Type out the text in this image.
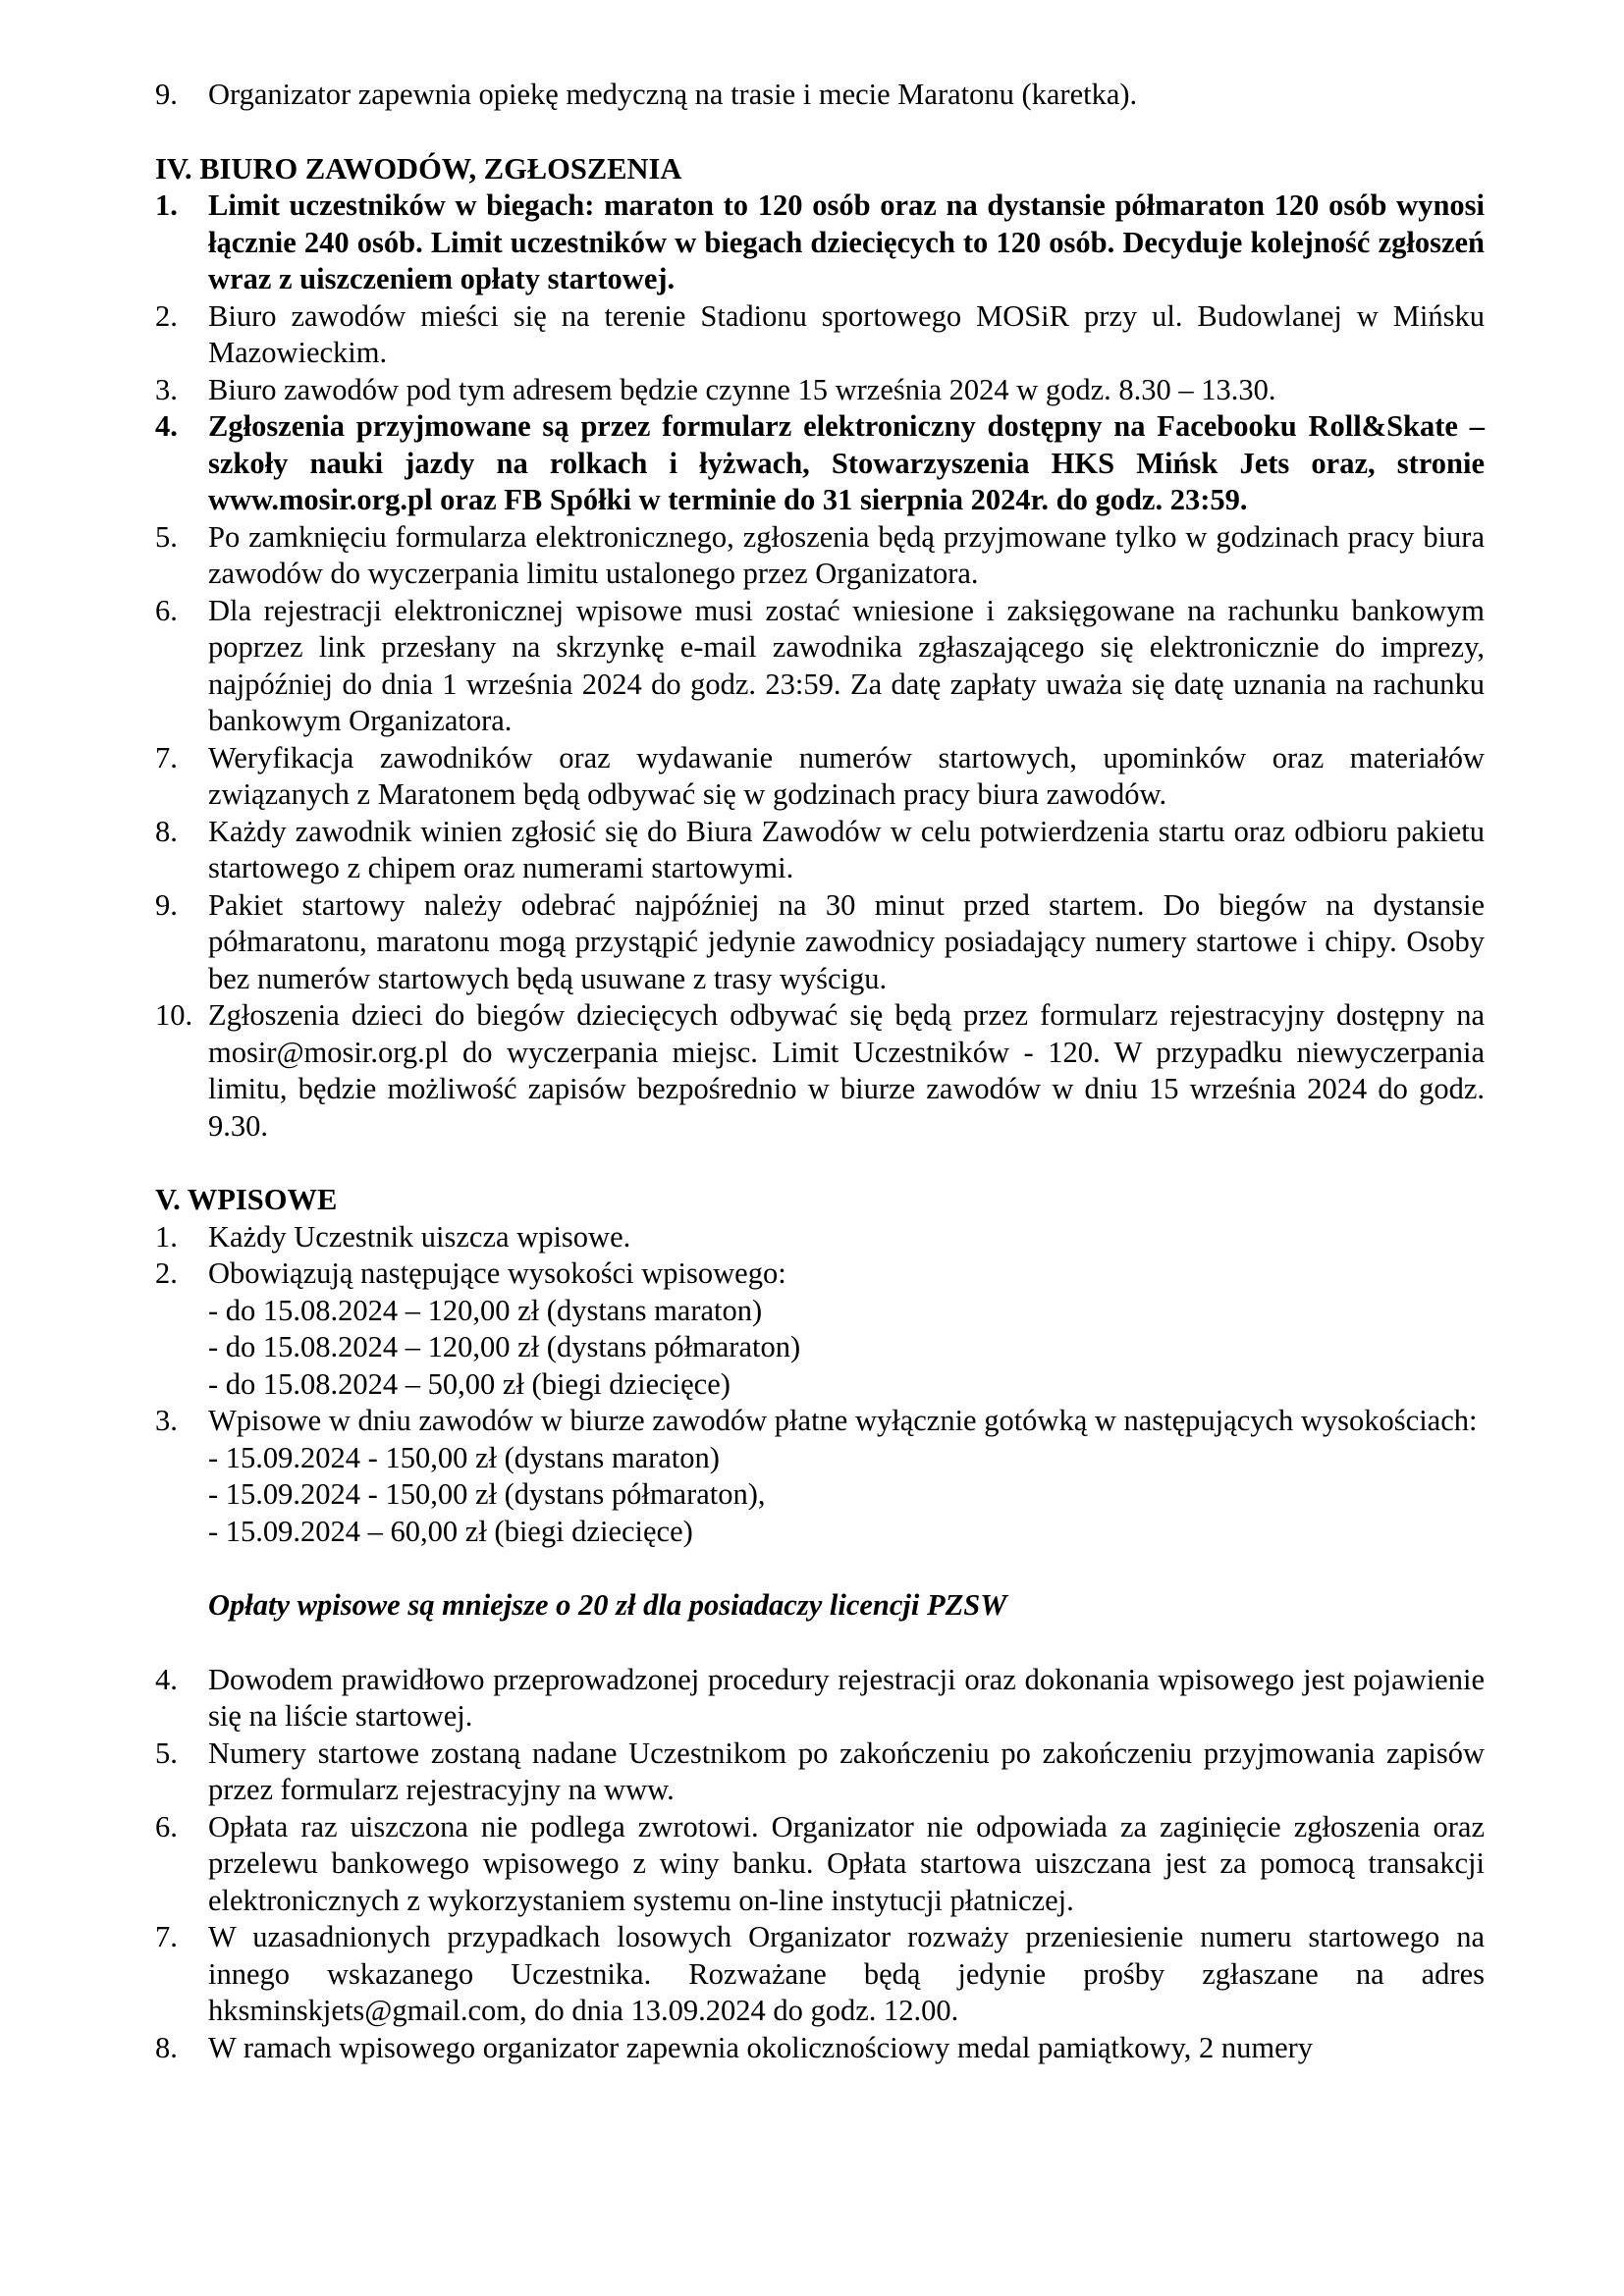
9.	Organizator zapewnia opiekę medyczną na trasie i mecie Maratonu (karetka).
IV. BIURO ZAWODÓW, ZGŁOSZENIA
1.	Limit uczestników w biegach: maraton to 120 osób oraz na dystansie półmaraton 120 osób wynosi łącznie 240 osób. Limit uczestników w biegach dziecięcych to 120 osób. Decyduje kolejność zgłoszeń wraz z uiszczeniem opłaty startowej.
2.	Biuro zawodów mieści się na terenie Stadionu sportowego MOSiR przy ul. Budowlanej w Mińsku Mazowieckim.
3.	Biuro zawodów pod tym adresem będzie czynne 15 września 2024 w godz. 8.30 – 13.30.
4.	Zgłoszenia przyjmowane są przez formularz elektroniczny dostępny na Facebooku Roll&Skate – szkoły nauki jazdy na rolkach i łyżwach, Stowarzyszenia HKS Mińsk Jets oraz, stronie www.mosir.org.pl oraz FB Spółki w terminie do 31 sierpnia 2024r. do godz. 23:59.
5.	Po zamknięciu formularza elektronicznego, zgłoszenia będą przyjmowane tylko w godzinach pracy biura zawodów do wyczerpania limitu ustalonego przez Organizatora.
6.	Dla rejestracji elektronicznej wpisowe musi zostać wniesione i zaksięgowane na rachunku bankowym poprzez link przesłany na skrzynkę e-mail zawodnika zgłaszającego się elektronicznie do imprezy, najpóźniej do dnia 1 września 2024 do godz. 23:59. Za datę zapłaty uważa się datę uznania na rachunku bankowym Organizatora.
7.	Weryfikacja zawodników oraz wydawanie numerów startowych, upominków oraz materiałów związanych z Maratonem będą odbywać się w godzinach pracy biura zawodów.
8.	Każdy zawodnik winien zgłosić się do Biura Zawodów w celu potwierdzenia startu oraz odbioru pakietu startowego z chipem oraz numerami startowymi.
9.	Pakiet startowy należy odebrać najpóźniej na 30 minut przed startem. Do biegów na dystansie półmaratonu, maratonu mogą przystąpić jedynie zawodnicy posiadający numery startowe i chipy. Osoby bez numerów startowych będą usuwane z trasy wyścigu.
10. Zgłoszenia dzieci do biegów dziecięcych odbywać się będą przez formularz rejestracyjny dostępny na mosir@mosir.org.pl do wyczerpania miejsc. Limit Uczestników - 120. W przypadku niewyczerpania limitu, będzie możliwość zapisów bezpośrednio w biurze zawodów w dniu 15 września 2024 do godz. 9.30.
V. WPISOWE
1.	Każdy Uczestnik uiszcza wpisowe.
2.	Obowiązują następujące wysokości wpisowego:
- do 15.08.2024 – 120,00 zł (dystans maraton)
- do 15.08.2024 – 120,00 zł (dystans półmaraton)
- do 15.08.2024 – 50,00 zł (biegi dziecięce)
3.	Wpisowe w dniu zawodów w biurze zawodów płatne wyłącznie gotówką w następujących wysokościach:
- 15.09.2024 - 150,00 zł (dystans maraton)
- 15.09.2024 - 150,00 zł (dystans półmaraton),
- 15.09.2024 – 60,00 zł (biegi dziecięce)
Opłaty wpisowe są mniejsze o 20 zł dla posiadaczy licencji PZSW
4.	Dowodem prawidłowo przeprowadzonej procedury rejestracji oraz dokonania wpisowego jest pojawienie się na liście startowej.
5.	Numery startowe zostaną nadane Uczestnikom po zakończeniu po zakończeniu przyjmowania zapisów przez formularz rejestracyjny na www.
6.	Opłata raz uiszczona nie podlega zwrotowi. Organizator nie odpowiada za zaginięcie zgłoszenia oraz przelewu bankowego wpisowego z winy banku. Opłata startowa uiszczana jest za pomocą transakcji elektronicznych z wykorzystaniem systemu on-line instytucji płatniczej.
7.	W uzasadnionych przypadkach losowych Organizator rozważy przeniesienie numeru startowego na innego wskazanego Uczestnika. Rozważane będą jedynie prośby zgłaszane na adres hksminskjets@gmail.com, do dnia 13.09.2024 do godz. 12.00.
8.	W ramach wpisowego organizator zapewnia okolicznościowy medal pamiątkowy, 2 numery
